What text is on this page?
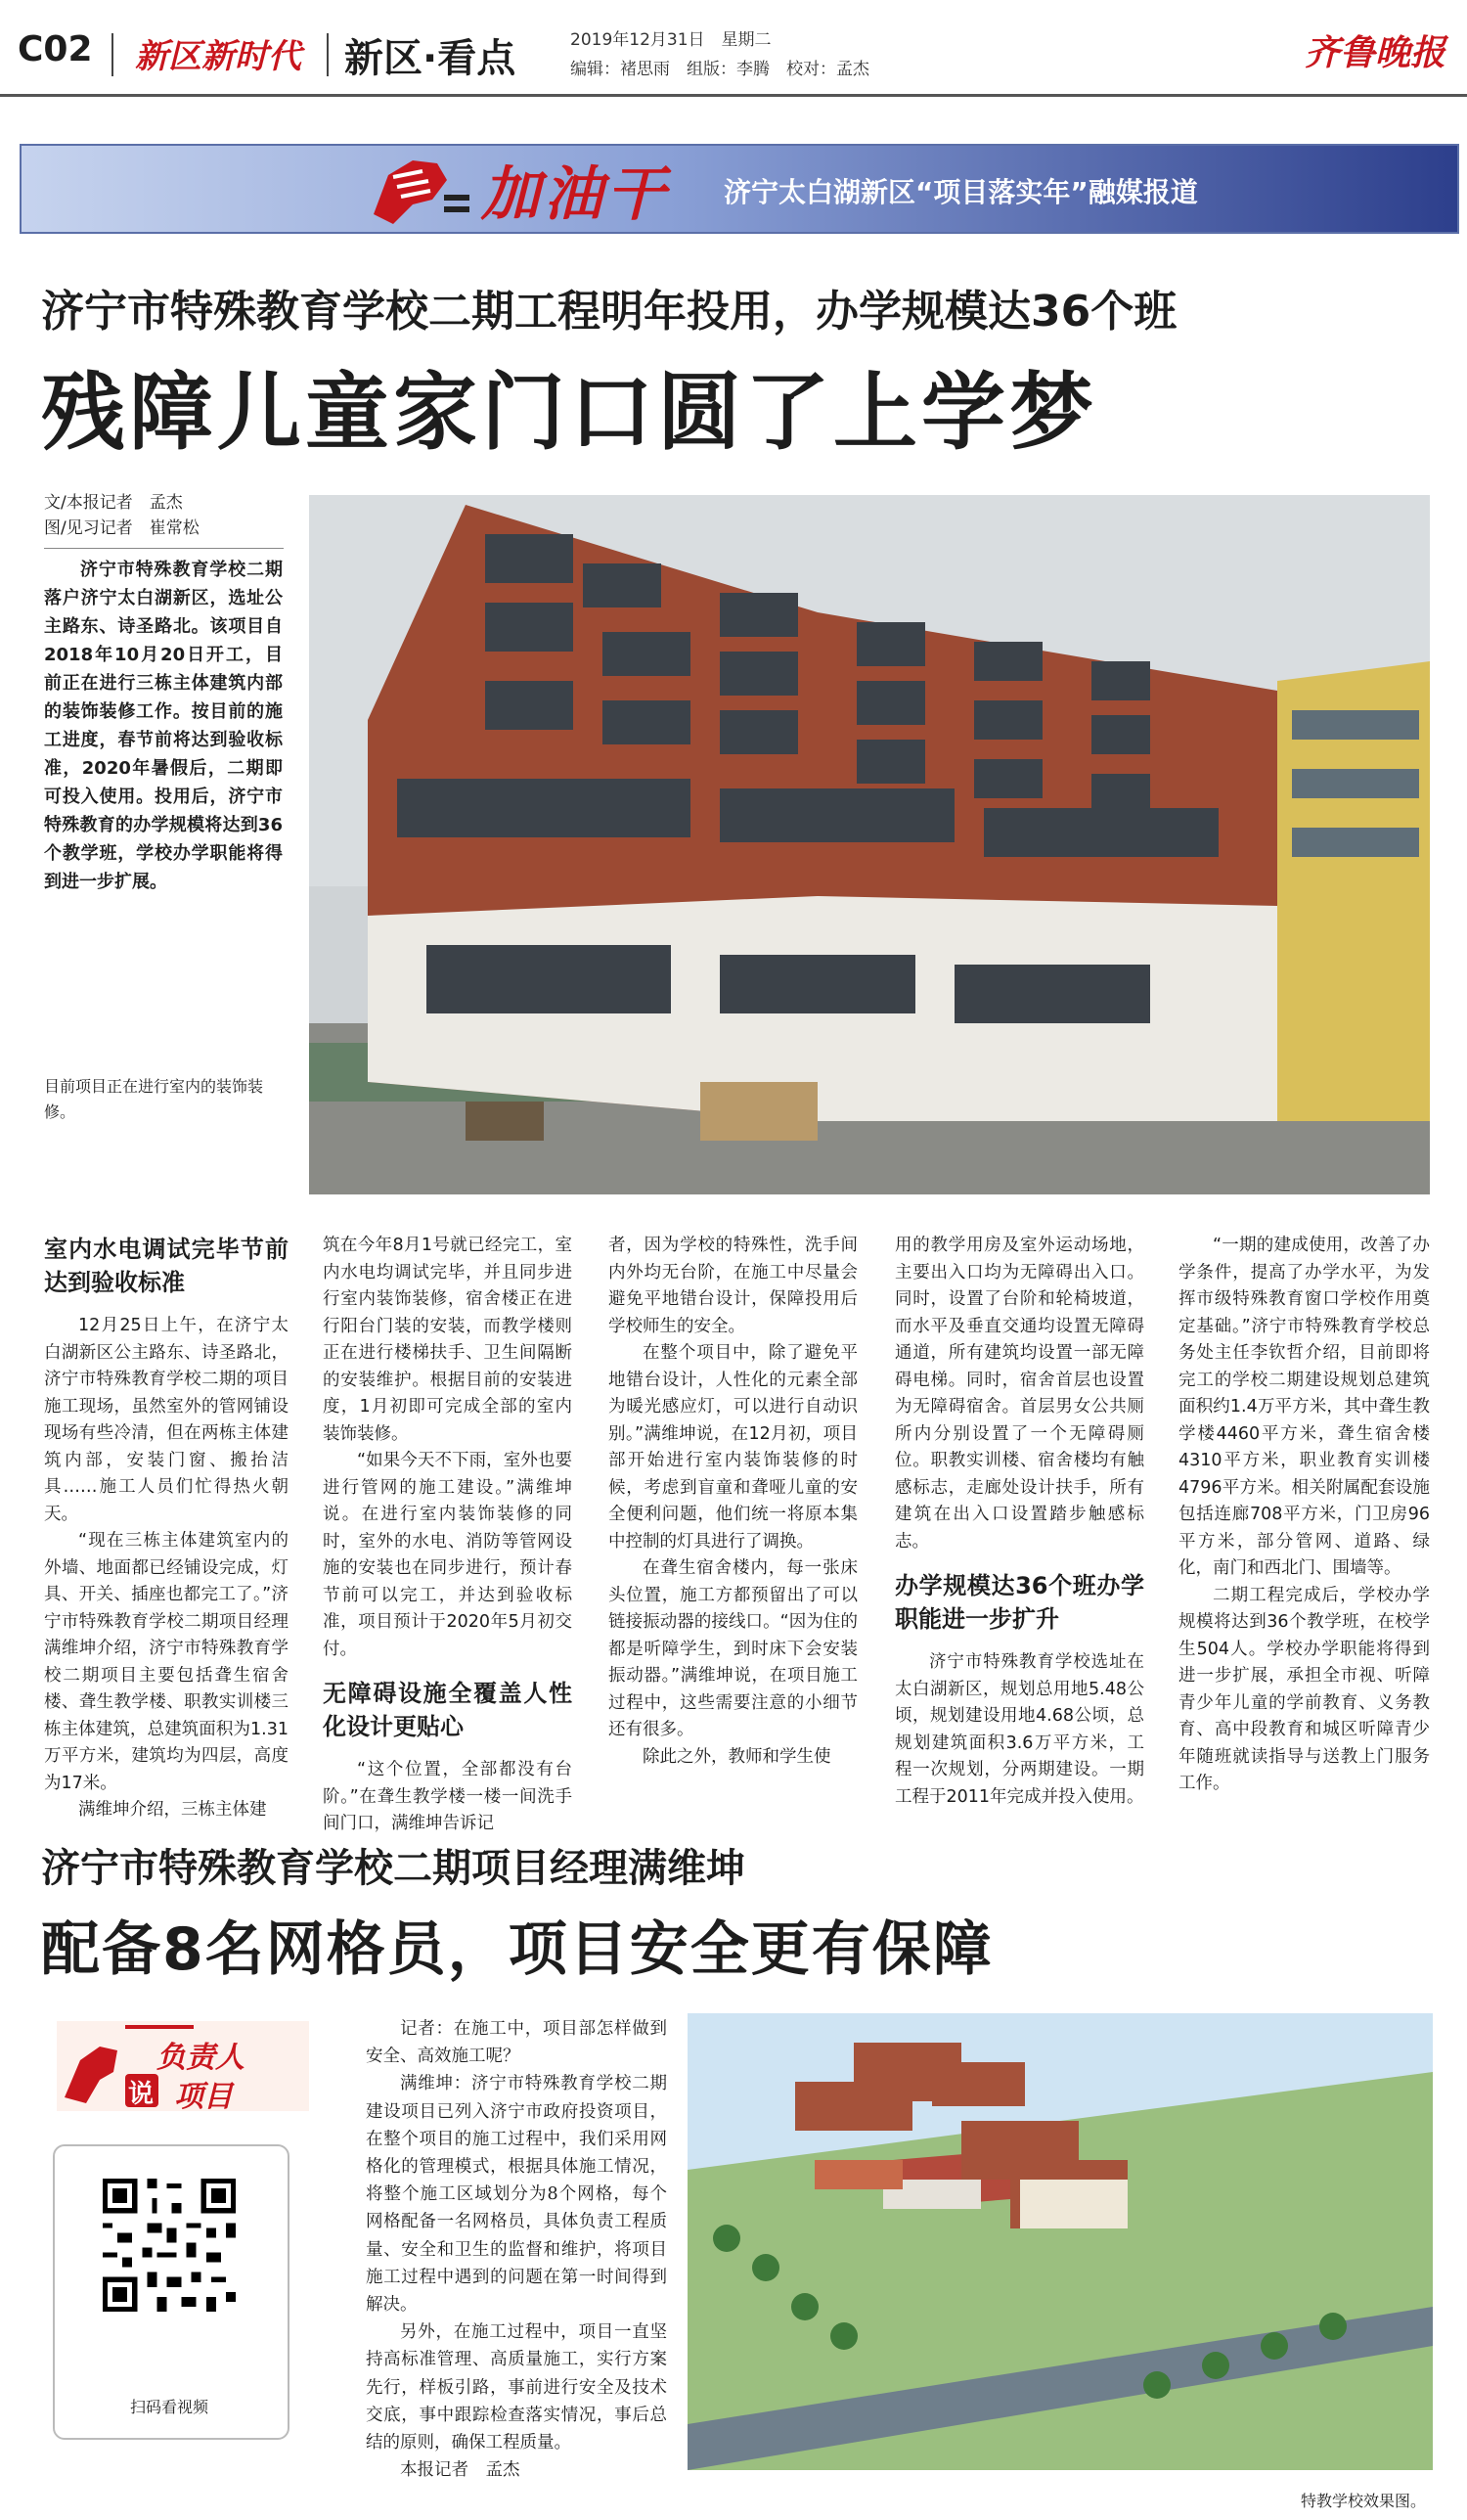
C02 新区新时代 新区·看点	2019年12月31日　星期二
编辑：褚思雨　组版：李腾　校对：孟杰	齐鲁晚报
加油干 济宁太白湖新区“项目落实年”融媒报道
济宁市特殊教育学校二期工程明年投用，办学规模达36个班
残障儿童家门口圆了上学梦
文/本报记者　孟杰
图/见习记者　崔常松
济宁市特殊教育学校二期落户济宁太白湖新区，选址公主路东、诗圣路北。该项目自2018年10月20日开工，目前正在进行三栋主体建筑内部的装饰装修工作。按目前的施工进度，春节前将达到验收标准，2020年暑假后，二期即可投入使用。投用后，济宁市特殊教育的办学规模将达到36个教学班，学校办学职能将得到进一步扩展。
目前项目正在进行室内的装饰装修。
室内水电调试完毕节前达到验收标准

12月25日上午，在济宁太白湖新区公主路东、诗圣路北，济宁市特殊教育学校二期的项目施工现场，虽然室外的管网铺设现场有些冷清，但在两栋主体建筑内部，安装门窗、搬抬洁具……施工人员们忙得热火朝天。

“现在三栋主体建筑室内的外墙、地面都已经铺设完成，灯具、开关、插座也都完工了。”济宁市特殊教育学校二期项目经理满维坤介绍，济宁市特殊教育学校二期项目主要包括聋生宿舍楼、聋生教学楼、职教实训楼三栋主体建筑，总建筑面积为1.31万平方米，建筑均为四层，高度为17米。

满维坤介绍，三栋主体建

筑在今年8月1号就已经完工，室内水电均调试完毕，并且同步进行室内装饰装修，宿舍楼正在进行阳台门装的安装，而教学楼则正在进行楼梯扶手、卫生间隔断的安装维护。根据目前的安装进度，1月初即可完成全部的室内装饰装修。

“如果今天不下雨，室外也要进行管网的施工建设。”满维坤说。在进行室内装饰装修的同时，室外的水电、消防等管网设施的安装也在同步进行，预计春节前可以完工，并达到验收标准，项目预计于2020年5月初交付。

无障碍设施全覆盖人性化设计更贴心

“这个位置，全部都没有台阶。”在聋生教学楼一楼一间洗手间门口，满维坤告诉记

者，因为学校的特殊性，洗手间内外均无台阶，在施工中尽量会避免平地错台设计，保障投用后学校师生的安全。

在整个项目中，除了避免平地错台设计，人性化的元素全部为暖光感应灯，可以进行自动识别。”满维坤说，在12月初，项目部开始进行室内装饰装修的时候，考虑到盲童和聋哑儿童的安全便利问题，他们统一将原本集中控制的灯具进行了调换。

在聋生宿舍楼内，每一张床头位置，施工方都预留出了可以链接振动器的接线口。“因为住的都是听障学生，到时床下会安装振动器。”满维坤说，在项目施工过程中，这些需要注意的小细节还有很多。

除此之外，教师和学生使

用的教学用房及室外运动场地，主要出入口均为无障碍出入口。同时，设置了台阶和轮椅坡道，而水平及垂直交通均设置无障碍通道，所有建筑均设置一部无障碍电梯。同时，宿舍首层也设置为无障碍宿舍。首层男女公共厕所内分别设置了一个无障碍厕位。职教实训楼、宿舍楼均有触感标志，走廊处设计扶手，所有建筑在出入口设置踏步触感标志。

办学规模达36个班办学职能进一步扩升

济宁市特殊教育学校选址在太白湖新区，规划总用地5.48公顷，规划建设用地4.68公顷，总规划建筑面积3.6万平方米，工程一次规划，分两期建设。一期工程于2011年完成并投入使用。

“一期的建成使用，改善了办学条件，提高了办学水平，为发挥市级特殊教育窗口学校作用奠定基础。”济宁市特殊教育学校总务处主任李钦哲介绍，目前即将完工的学校二期建设规划总建筑面积约1.4万平方米，其中聋生教学楼4460平方米，聋生宿舍楼4310平方米，职业教育实训楼4796平方米。相关附属配套设施包括连廊708平方米，门卫房96平方米，部分管网、道路、绿化，南门和西北门、围墙等。

二期工程完成后，学校办学规模将达到36个教学班，在校学生504人。学校办学职能将得到进一步扩展，承担全市视、听障青少年儿童的学前教育、义务教育、高中段教育和城区听障青少年随班就读指导与送教上门服务工作。

济宁市特殊教育学校二期项目经理满维坤
配备8名网格员，项目安全更有保障
负责人
说 项目
扫码看视频

记者：在施工中，项目部怎样做到安全、高效施工呢？

满维坤：济宁市特殊教育学校二期建设项目已列入济宁市政府投资项目，在整个项目的施工过程中，我们采用网格化的管理模式，根据具体施工情况，将整个施工区域划分为8个网格，每个网格配备一名网格员，具体负责工程质量、安全和卫生的监督和维护，将项目施工过程中遇到的问题在第一时间得到解决。

另外，在施工过程中，项目一直坚持高标准管理、高质量施工，实行方案先行，样板引路，事前进行安全及技术交底，事中跟踪检查落实情况，事后总结的原则，确保工程质量。

本报记者　孟杰

特教学校效果图。
